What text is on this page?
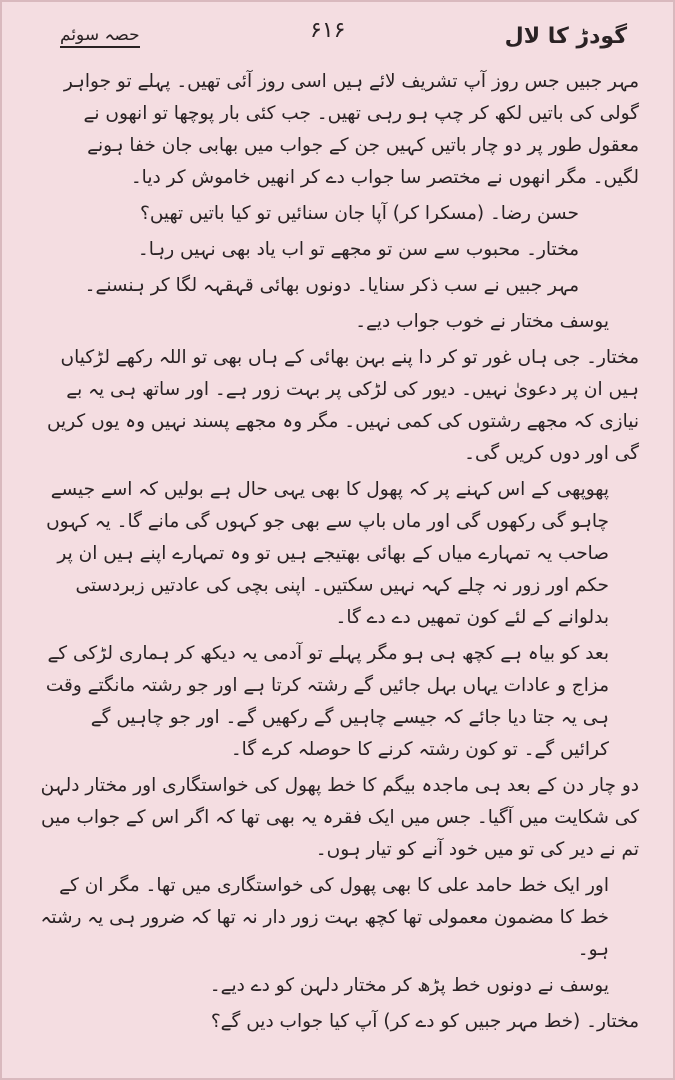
گودڑ کا لال
۶۱۶
حصہ سوئم

مہر جبیں جس روز آپ تشریف لائے ہیں اسی روز آئی تھیں۔ پہلے تو جواہر گولی کی باتیں لکھ کر چپ ہو رہی تھیں۔ جب کئی بار پوچھا تو انھوں نے معقول طور پر دو چار باتیں کہیں جن کے جواب میں بھابی جان خفا ہونے لگیں۔ مگر انھوں نے مختصر سا جواب دے کر انھیں خاموش کر دیا۔

حسن رضا۔ (مسکرا کر) آپا جان سنائیں تو کیا باتیں تھیں؟

مختار۔ محبوب سے سن تو مجھے تو اب یاد بھی نہیں رہا۔

مہر جبیں نے سب ذکر سنایا۔ دونوں بھائی قہقہہ لگا کر ہنسنے۔

یوسف مختار نے خوب جواب دیے۔

مختار۔ جی ہاں غور تو کر دا پنے بہن بھائی کے ہاں بھی تو اللہ رکھے لڑکیاں ہیں ان پر دعویٰ نہیں۔ دیور کی لڑکی پر بہت زور ہے۔ اور ساتھ ہی یہ بے نیازی کہ مجھے رشتوں کی کمی نہیں۔ مگر وہ مجھے پسند نہیں وہ یوں کریں گی اور دوں کریں گی۔

پھوپھی کے اس کہنے پر کہ پھول کا بھی یہی حال ہے بولیں کہ اسے جیسے چاہو گی رکھوں گی اور ماں باپ سے بھی جو کہوں گی مانے گا۔ یہ کہوں صاحب یہ تمہارے میاں کے بھائی بھتیجے ہیں تو وہ تمہارے اپنے ہیں ان پر حکم اور زور نہ چلے کہہ نہیں سکتیں۔ اپنی بچی کی عادتیں زبردستی بدلوانے کے لئے کون تمھیں دے دے گا۔

بعد کو بیاہ ہے کچھ ہی ہو مگر پہلے تو آدمی یہ دیکھ کر ہماری لڑکی کے مزاج و عادات یہاں بہل جائیں گے رشتہ کرتا ہے اور جو رشتہ مانگتے وقت ہی یہ جتا دیا جائے کہ جیسے چاہیں گے رکھیں گے۔ اور جو چاہیں گے کرائیں گے۔ تو کون رشتہ کرنے کا حوصلہ کرے گا۔

دو چار دن کے بعد ہی ماجدہ بیگم کا خط پھول کی خواستگاری اور مختار دلہن کی شکایت میں آگیا۔ جس میں ایک فقرہ یہ بھی تھا کہ اگر اس کے جواب میں تم نے دیر کی تو میں خود آنے کو تیار ہوں۔

اور ایک خط حامد علی کا بھی پھول کی خواستگاری میں تھا۔ مگر ان کے خط کا مضمون معمولی تھا کچھ بہت زور دار نہ تھا کہ ضرور ہی یہ رشتہ ہو۔

یوسف نے دونوں خط پڑھ کر مختار دلہن کو دے دیے۔

مختار۔ (خط مہر جبیں کو دے کر) آپ کیا جواب دیں گے؟
